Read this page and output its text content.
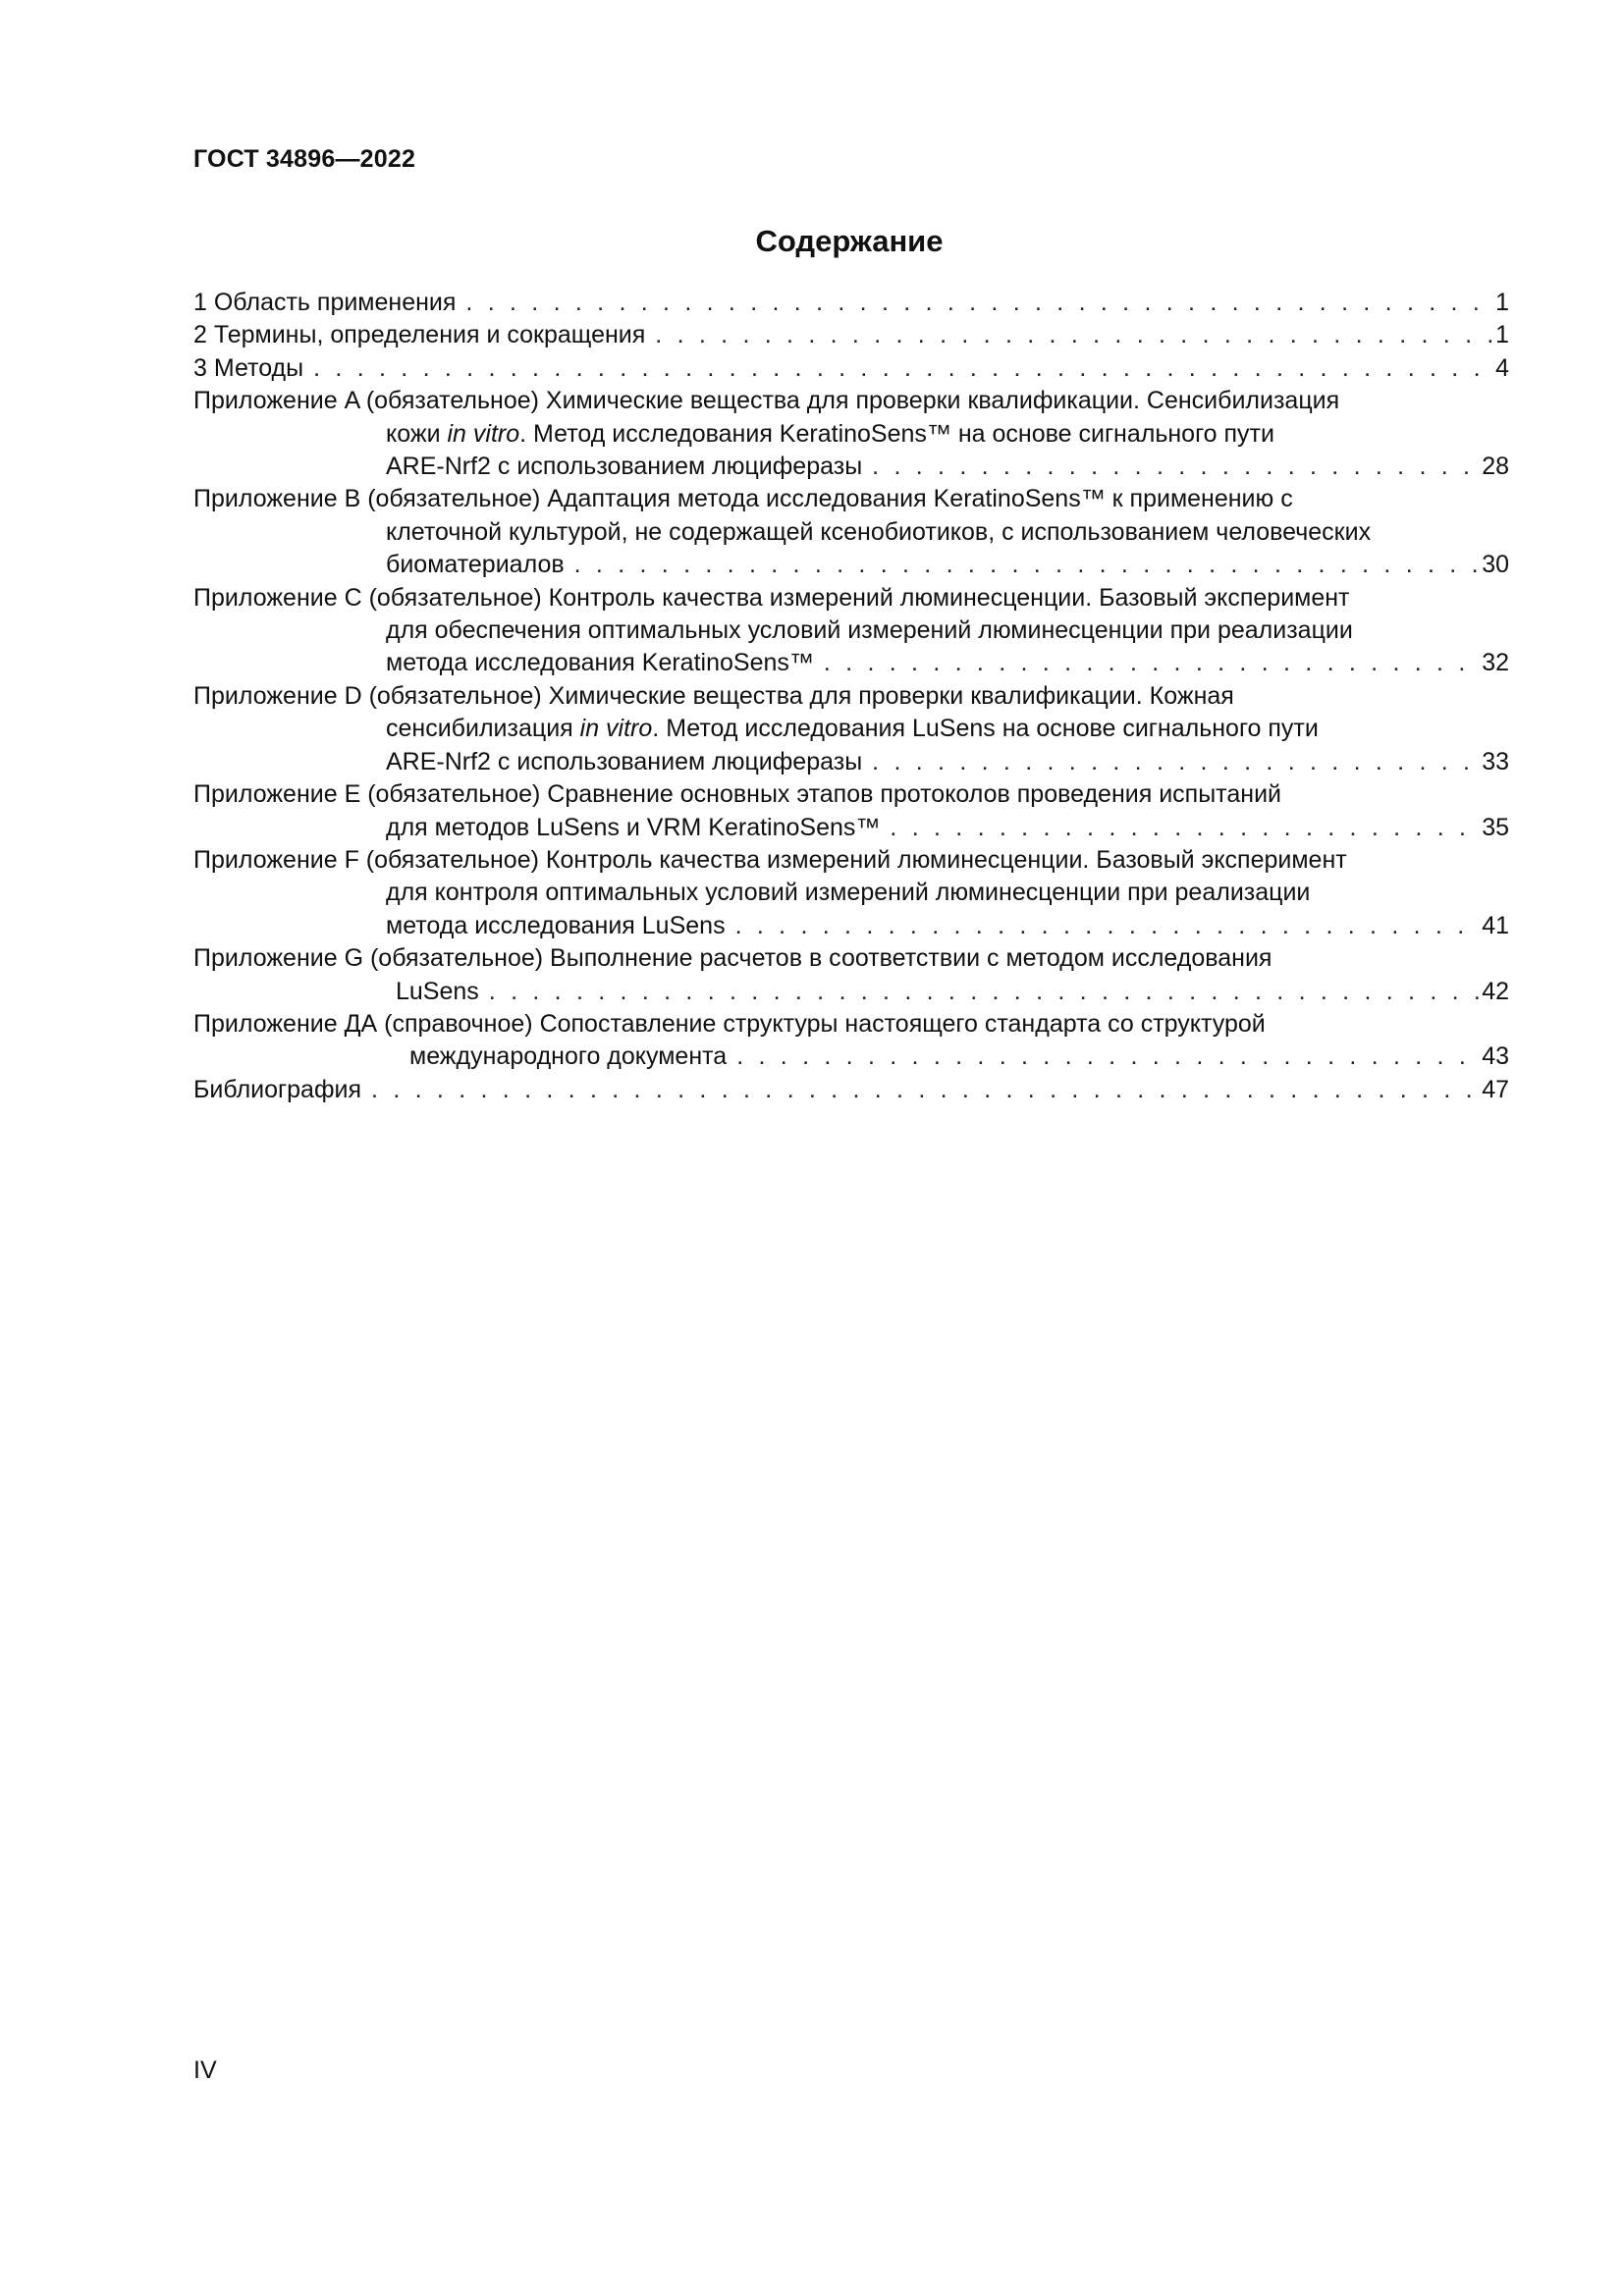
ГОСТ 34896—2022
Содержание
1 Область применения . . .	1
2 Термины, определения и сокращения . . .	1
3 Методы . . .	4
Приложение A (обязательное) Химические вещества для проверки квалификации. Сенсибилизация
кожи in vitro. Метод исследования KeratinoSens™ на основе сигнального пути
ARE-Nrf2 с использованием люциферазы . . .	28
Приложение B (обязательное) Адаптация метода исследования KeratinoSens™ к применению с
клеточной культурой, не содержащей ксенобиотиков, с использованием человеческих
биоматериалов . . .	30
Приложение C (обязательное) Контроль качества измерений люминесценции. Базовый эксперимент
для обеспечения оптимальных условий измерений люминесценции при реализации
метода исследования KeratinoSens™ . . .	32
Приложение D (обязательное) Химические вещества для проверки квалификации. Кожная
сенсибилизация in vitro. Метод исследования LuSens на основе сигнального пути
ARE-Nrf2 с использованием люциферазы . . .	33
Приложение E (обязательное) Сравнение основных этапов протоколов проведения испытаний
для методов LuSens и VRM KeratinoSens™ . . .	35
Приложение F (обязательное) Контроль качества измерений люминесценции. Базовый эксперимент
для контроля оптимальных условий измерений люминесценции при реализации
метода исследования LuSens . . .	41
Приложение G (обязательное) Выполнение расчетов в соответствии с методом исследования
LuSens . . .	42
Приложение ДА (справочное) Сопоставление структуры настоящего стандарта со структурой
международного документа . . .	43
Библиография . . .	47
IV
